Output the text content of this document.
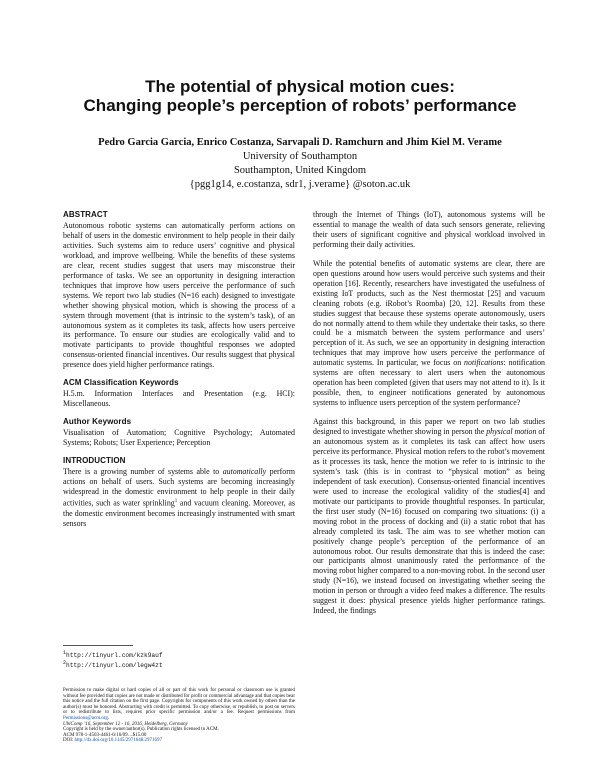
The potential of physical motion cues:
Changing people’s perception of robots’ performance
Pedro Garcia Garcia, Enrico Costanza, Sarvapali D. Ramchurn and Jhim Kiel M. Verame
University of Southampton
Southampton, United Kingdom
{pgg1g14, e.costanza, sdr1, j.verame} @soton.ac.uk
ABSTRACT

Autonomous robotic systems can automatically perform actions on behalf of users in the domestic environment to help people in their daily activities. Such systems aim to reduce users’ cognitive and physical workload, and improve wellbeing. While the benefits of these systems are clear, recent studies suggest that users may misconstrue their performance of tasks. We see an opportunity in designing interaction techniques that improve how users perceive the performance of such systems. We report two lab studies (N=16 each) designed to investigate whether showing physical motion, which is showing the process of a system through movement (that is intrinsic to the system’s task), of an autonomous system as it completes its task, affects how users perceive its performance. To ensure our studies are ecologically valid and to motivate participants to provide thoughtful responses we adopted consensus-oriented financial incentives. Our results suggest that physical presence does yield higher performance ratings.

ACM Classification Keywords

H.5.m. Information Interfaces and Presentation (e.g. HCI): Miscellaneous.

Author Keywords

Visualisation of Automation; Cognitive Psychology; Automated Systems; Robots; User Experience; Perception

INTRODUCTION

There is a growing number of systems able to automatically perform actions on behalf of users. Such systems are becoming increasingly widespread in the domestic environment to help people in their daily activities, such as water sprinkling$^1$ and vacuum cleaning. Moreover, as the domestic environment becomes increasingly instrumented with smart sensors

$^1$http://tinyurl.com/kzk9auf
$^2$http://tinyurl.com/legw4zt
Permission to make digital or hard copies of all or part of this work for personal or classroom use is granted without fee provided that copies are not made or distributed for profit or commercial advantage and that copies bear this notice and the full citation on the first page. Copyrights for components of this work owned by others than the author(s) must be honored. Abstracting with credit is permitted. To copy otherwise, or republish, to post on servers or to redistribute to lists, requires prior specific permission and/or a fee. Request permissions from Permissions@acm.org.
UbiComp ’16, September 12 - 16, 2016, Heidelberg, Germany
Copyright is held by the owner/author(s). Publication rights licensed to ACM.
ACM 978-1-4503-4461-6/16/09…$15.00
DOI: http://dx.doi.org/10.1145/2971648.2971697

through the Internet of Things (IoT), autonomous systems will be essential to manage the wealth of data such sensors generate, relieving their users of significant cognitive and physical workload involved in performing their daily activities.

While the potential benefits of automatic systems are clear, there are open questions around how users would perceive such systems and their operation [16]. Recently, researchers have investigated the usefulness of existing IoT products, such as the Nest thermostat [25] and vacuum cleaning robots (e.g. iRobot’s Roomba) [20, 12]. Results from these studies suggest that because these systems operate autonomously, users do not normally attend to them while they undertake their tasks, so there could be a mismatch between the system performance and users’ perception of it. As such, we see an opportunity in designing interaction techniques that may improve how users perceive the performance of automatic systems. In particular, we focus on notifications: notification systems are often necessary to alert users when the autonomous operation has been completed (given that users may not attend to it). Is it possible, then, to engineer notifications generated by autonomous systems to influence users perception of the system performance?

Against this background, in this paper we report on two lab studies designed to investigate whether showing in person the physical motion of an autonomous system as it completes its task can affect how users perceive its performance. Physical motion refers to the robot’s movement as it processes its task, hence the motion we refer to is intrinsic to the system’s task (this is in contrast to “physical motion” as being independent of task execution). Consensus-oriented financial incentives were used to increase the ecological validity of the studies[4] and motivate our participants to provide thoughtful responses. In particular, the first user study (N=16) focused on comparing two situations: (i) a moving robot in the process of docking and (ii) a static robot that has already completed its task. The aim was to see whether motion can positively change people’s perception of the performance of an autonomous robot. Our results demonstrate that this is indeed the case: our participants almost unanimously rated the performance of the moving robot higher compared to a non-moving robot. In the second user study (N=16), we instead focused on investigating whether seeing the motion in person or through a video feed makes a difference. The results suggest it does: physical presence yields higher performance ratings. Indeed, the findings
